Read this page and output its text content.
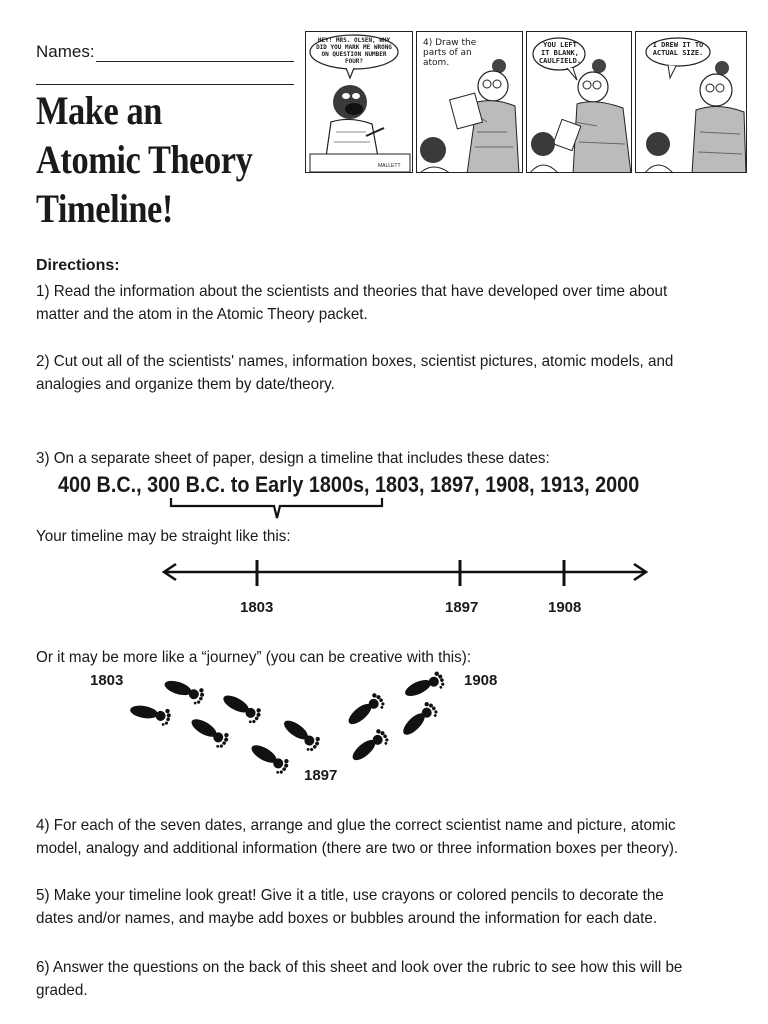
Names:
Make an
Atomic Theory
Timeline!
HEY! MRS. OLSEN, WHY DID YOU MARK ME WRONG ON QUESTION NUMBER FOUR?
MALLETT
4) Draw the parts of an atom.
YOU LEFT IT BLANK, CAULFIELD.
I DREW IT TO ACTUAL SIZE.
Directions:
1) Read the information about the scientists and theories that have developed over time about matter and the atom in the Atomic Theory packet.
2) Cut out all of the scientists' names, information boxes, scientist pictures, atomic models, and analogies and organize them by date/theory.
3) On a separate sheet of paper, design a timeline that includes these dates:
400 B.C., 300 B.C. to Early 1800s, 1803, 1897, 1908, 1913, 2000
Your timeline may be straight like this:
1803	1897	1908
Or it may be more like a “journey” (you can be creative with this):
1803
1897
1908
4) For each of the seven dates, arrange and glue the correct scientist name and picture, atomic model, analogy and additional information (there are two or three information boxes per theory).
5) Make your timeline look great! Give it a title, use crayons or colored pencils to decorate the dates and/or names, and maybe add boxes or bubbles around the information for each date.
6) Answer the questions on the back of this sheet and look over the rubric to see how this will be graded.
